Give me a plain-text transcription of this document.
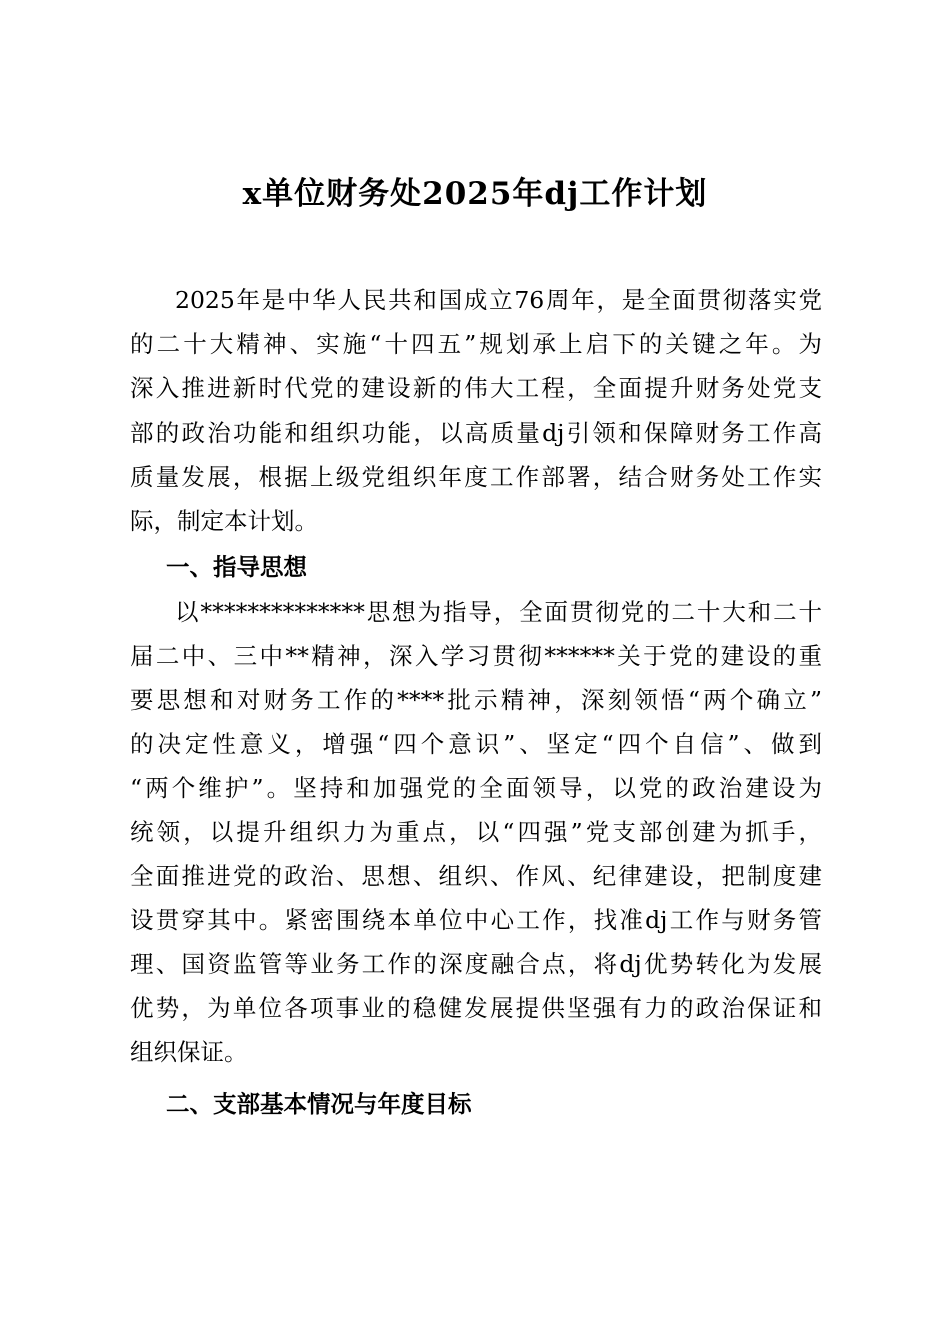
x单位财务处2025年dj工作计划
2025年是中华人民共和国成立76周年，是全面贯彻落实党
的二十大精神、实施“十四五”规划承上启下的关键之年。为
深入推进新时代党的建设新的伟大工程，全面提升财务处党支
部的政治功能和组织功能，以高质量dj引领和保障财务工作高
质量发展，根据上级党组织年度工作部署，结合财务处工作实
际，制定本计划。
一、指导思想
以**************思想为指导，全面贯彻党的二十大和二十
届二中、三中**精神，深入学习贯彻******关于党的建设的重
要思想和对财务工作的****批示精神，深刻领悟“两个确立”
的决定性意义，增强“四个意识”、坚定“四个自信”、做到
“两个维护”。坚持和加强党的全面领导，以党的政治建设为
统领，以提升组织力为重点，以“四强”党支部创建为抓手，
全面推进党的政治、思想、组织、作风、纪律建设，把制度建
设贯穿其中。紧密围绕本单位中心工作，找准dj工作与财务管
理、国资监管等业务工作的深度融合点，将dj优势转化为发展
优势，为单位各项事业的稳健发展提供坚强有力的政治保证和
组织保证。
二、支部基本情况与年度目标
